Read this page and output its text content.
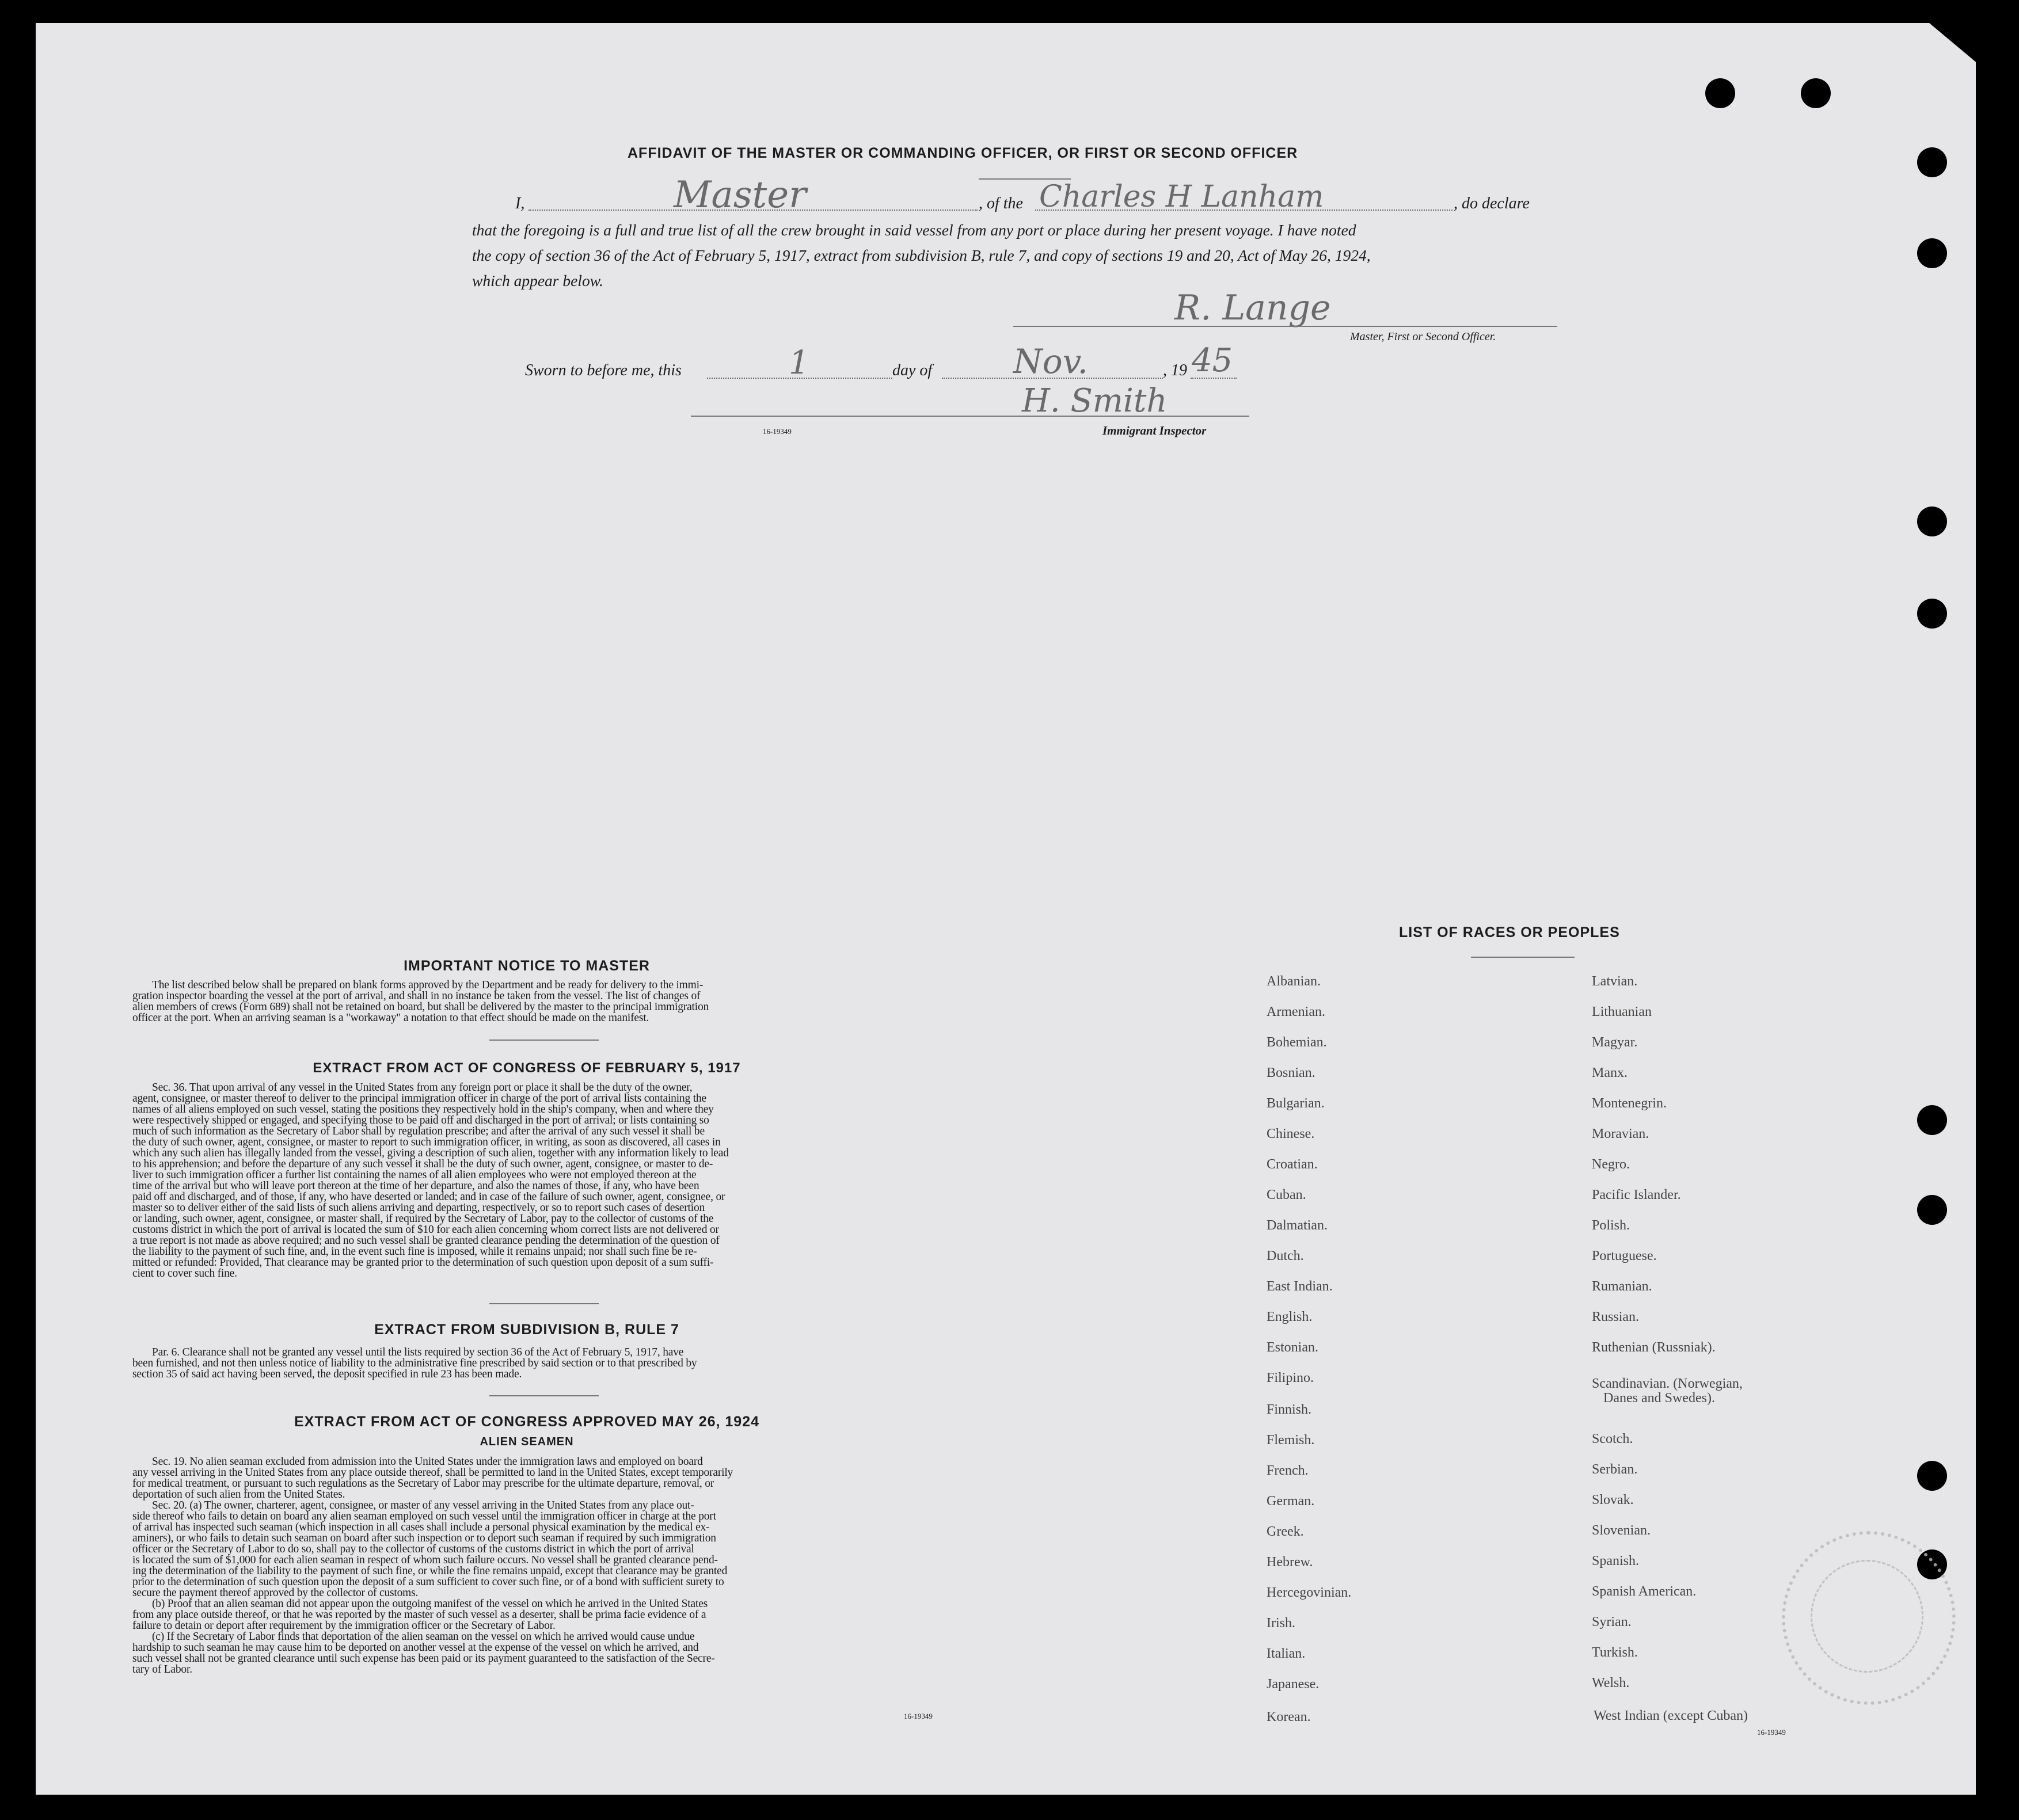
AFFIDAVIT OF THE MASTER OR COMMANDING OFFICER, OR FIRST OR SECOND OFFICER
I,	Master	, of the Charles H Lanham	, do declare
that the foregoing is a full and true list of all the crew brought in said vessel from any port or place during her present voyage. I have noted
the copy of section 36 of the Act of February 5, 1917, extract from subdivision B, rule 7, and copy of sections 19 and 20, Act of May 26, 1924,
which appear below.
R. Lange
Master, First or Second Officer.
Sworn to before me, this	1	day of Nov.	, 19 45
H. Smith
16-19349	Immigrant Inspector
IMPORTANT NOTICE TO MASTER
The list described below shall be prepared on blank forms approved by the Department and be ready for delivery to the immi-
gration inspector boarding the vessel at the port of arrival, and shall in no instance be taken from the vessel. The list of changes of
alien members of crews (Form 689) shall not be retained on board, but shall be delivered by the master to the principal immigration
officer at the port. When an arriving seaman is a "workaway" a notation to that effect should be made on the manifest.
EXTRACT FROM ACT OF CONGRESS OF FEBRUARY 5, 1917
Sec. 36. That upon arrival of any vessel in the United States from any foreign port or place it shall be the duty of the owner,
agent, consignee, or master thereof to deliver to the principal immigration officer in charge of the port of arrival lists containing the
names of all aliens employed on such vessel, stating the positions they respectively hold in the ship's company, when and where they
were respectively shipped or engaged, and specifying those to be paid off and discharged in the port of arrival; or lists containing so
much of such information as the Secretary of Labor shall by regulation prescribe; and after the arrival of any such vessel it shall be
the duty of such owner, agent, consignee, or master to report to such immigration officer, in writing, as soon as discovered, all cases in
which any such alien has illegally landed from the vessel, giving a description of such alien, together with any information likely to lead
to his apprehension; and before the departure of any such vessel it shall be the duty of such owner, agent, consignee, or master to de-
liver to such immigration officer a further list containing the names of all alien employees who were not employed thereon at the
time of the arrival but who will leave port thereon at the time of her departure, and also the names of those, if any, who have been
paid off and discharged, and of those, if any, who have deserted or landed; and in case of the failure of such owner, agent, consignee, or
master so to deliver either of the said lists of such aliens arriving and departing, respectively, or so to report such cases of desertion
or landing, such owner, agent, consignee, or master shall, if required by the Secretary of Labor, pay to the collector of customs of the
customs district in which the port of arrival is located the sum of $10 for each alien concerning whom correct lists are not delivered or
a true report is not made as above required; and no such vessel shall be granted clearance pending the determination of the question of
the liability to the payment of such fine, and, in the event such fine is imposed, while it remains unpaid; nor shall such fine be re-
mitted or refunded: Provided, That clearance may be granted prior to the determination of such question upon deposit of a sum suffi-
cient to cover such fine.
EXTRACT FROM SUBDIVISION B, RULE 7
Par. 6. Clearance shall not be granted any vessel until the lists required by section 36 of the Act of February 5, 1917, have
been furnished, and not then unless notice of liability to the administrative fine prescribed by said section or to that prescribed by
section 35 of said act having been served, the deposit specified in rule 23 has been made.
EXTRACT FROM ACT OF CONGRESS APPROVED MAY 26, 1924
ALIEN SEAMEN
Sec. 19. No alien seaman excluded from admission into the United States under the immigration laws and employed on board
any vessel arriving in the United States from any place outside thereof, shall be permitted to land in the United States, except temporarily
for medical treatment, or pursuant to such regulations as the Secretary of Labor may prescribe for the ultimate departure, removal, or
deportation of such alien from the United States.
Sec. 20. (a) The owner, charterer, agent, consignee, or master of any vessel arriving in the United States from any place out-
side thereof who fails to detain on board any alien seaman employed on such vessel until the immigration officer in charge at the port
of arrival has inspected such seaman (which inspection in all cases shall include a personal physical examination by the medical ex-
aminers), or who fails to detain such seaman on board after such inspection or to deport such seaman if required by such immigration
officer or the Secretary of Labor to do so, shall pay to the collector of customs of the customs district in which the port of arrival
is located the sum of $1,000 for each alien seaman in respect of whom such failure occurs. No vessel shall be granted clearance pend-
ing the determination of the liability to the payment of such fine, or while the fine remains unpaid, except that clearance may be granted
prior to the determination of such question upon the deposit of a sum sufficient to cover such fine, or of a bond with sufficient surety to
secure the payment thereof approved by the collector of customs.
(b) Proof that an alien seaman did not appear upon the outgoing manifest of the vessel on which he arrived in the United States
from any place outside thereof, or that he was reported by the master of such vessel as a deserter, shall be prima facie evidence of a
failure to detain or deport after requirement by the immigration officer or the Secretary of Labor.
(c) If the Secretary of Labor finds that deportation of the alien seaman on the vessel on which he arrived would cause undue
hardship to such seaman he may cause him to be deported on another vessel at the expense of the vessel on which he arrived, and
such vessel shall not be granted clearance until such expense has been paid or its payment guaranteed to the satisfaction of the Secre-
tary of Labor.
16-19349
LIST OF RACES OR PEOPLES
Albanian.
Armenian.
Bohemian.
Bosnian.
Bulgarian.
Chinese.
Croatian.
Cuban.
Dalmatian.
Dutch.
East Indian.
English.
Estonian.
Filipino.
Finnish.
Flemish.
French.
German.
Greek.
Hebrew.
Hercegovinian.
Irish.
Italian.
Japanese.
Korean.
Latvian.
Lithuanian
Magyar.
Manx.
Montenegrin.
Moravian.
Negro.
Pacific Islander.
Polish.
Portuguese.
Rumanian.
Russian.
Ruthenian (Russniak).
Scandinavian. (Norwegian,
Danes and Swedes).
Scotch.
Serbian.
Slovak.
Slovenian.
Spanish.
Spanish American.
Syrian.
Turkish.
Welsh.
West Indian (except Cuban)
16-19349
